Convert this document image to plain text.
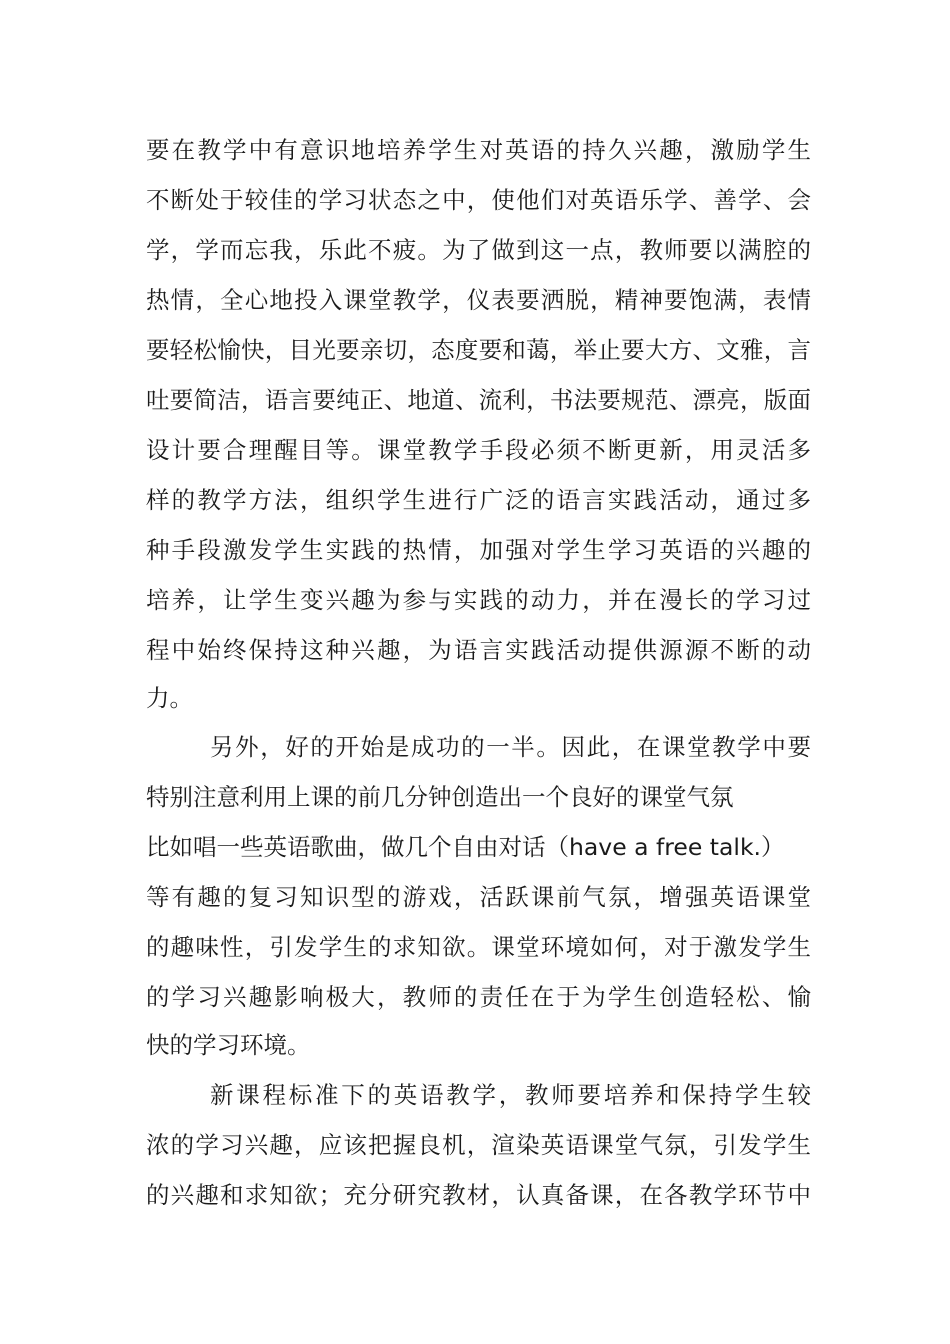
要在教学中有意识地培养学生对英语的持久兴趣，激励学生
不断处于较佳的学习状态之中，使他们对英语乐学、善学、会
学，学而忘我，乐此不疲。为了做到这一点，教师要以满腔的
热情，全心地投入课堂教学，仪表要洒脱，精神要饱满，表情
要轻松愉快，目光要亲切，态度要和蔼，举止要大方、文雅，言
吐要简洁，语言要纯正、地道、流利，书法要规范、漂亮，版面
设计要合理醒目等。课堂教学手段必须不断更新，用灵活多
样的教学方法，组织学生进行广泛的语言实践活动，通过多
种手段激发学生实践的热情，加强对学生学习英语的兴趣的
培养，让学生变兴趣为参与实践的动力，并在漫长的学习过
程中始终保持这种兴趣，为语言实践活动提供源源不断的动
力。
另外，好的开始是成功的一半。因此，在课堂教学中要
特别注意利用上课的前几分钟创造出一个良好的课堂气氛
比如唱一些英语歌曲，做几个自由对话（have a free talk.）
等有趣的复习知识型的游戏，活跃课前气氛，增强英语课堂
的趣味性，引发学生的求知欲。课堂环境如何，对于激发学生
的学习兴趣影响极大，教师的责任在于为学生创造轻松、愉
快的学习环境。
新课程标准下的英语教学，教师要培养和保持学生较
浓的学习兴趣，应该把握良机，渲染英语课堂气氛，引发学生
的兴趣和求知欲；充分研究教材，认真备课，在各教学环节中
